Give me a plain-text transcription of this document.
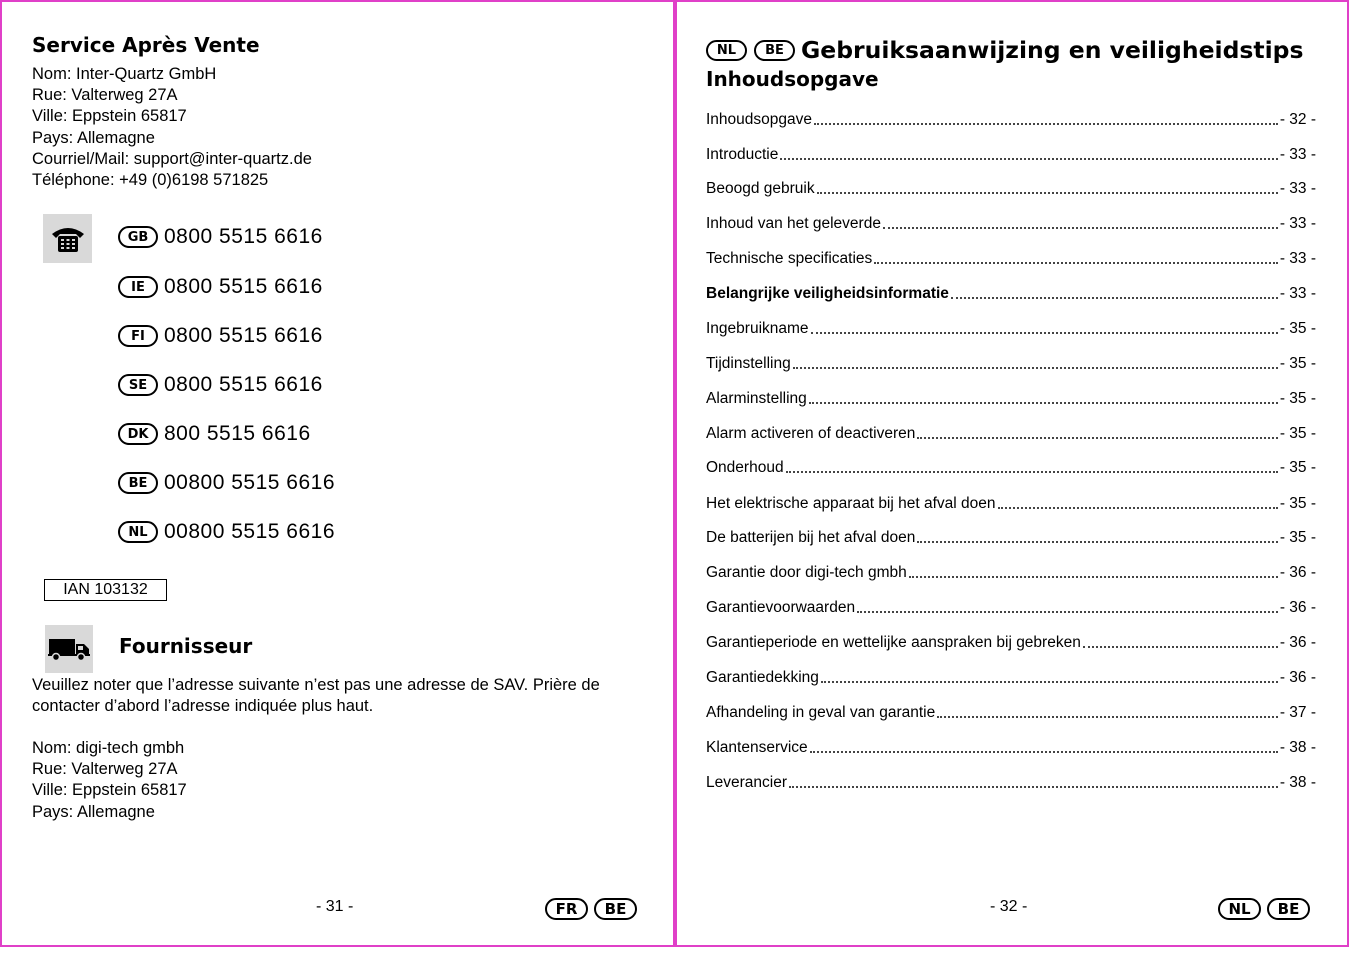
Service Après Vente
Nom: Inter-Quartz GmbH
Rue: Valterweg 27A
Ville: Eppstein 65817
Pays: Allemagne
Courriel/Mail: support@inter-quartz.de
Téléphone: +49 (0)6198 571825
GB 0800 5515 6616
IE 0800 5515 6616
FI 0800 5515 6616
SE 0800 5515 6616
DK 800 5515 6616
BE 00800 5515 6616
NL 00800 5515 6616
IAN 103132
Fournisseur
Veuillez noter que l’adresse suivante n’est pas une adresse de SAV. Prière de contacter d’abord l’adresse indiquée plus haut.
Nom: digi-tech gmbh
Rue: Valterweg 27A
Ville: Eppstein 65817
Pays: Allemagne
- 31 -	FR	BE
NL	BE Gebruiksaanwijzing en veiligheidstips
Inhoudsopgave
Inhoudsopgave	- 32 -
Introductie	- 33 -
Beoogd gebruik	- 33 -
Inhoud van het geleverde	- 33 -
Technische specificaties	- 33 -
Belangrijke veiligheidsinformatie	- 33 -
Ingebruikname	- 35 -
Tijdinstelling	- 35 -
Alarminstelling	- 35 -
Alarm activeren of deactiveren	- 35 -
Onderhoud	- 35 -
Het elektrische apparaat bij het afval doen	- 35 -
De batterijen bij het afval doen	- 35 -
Garantie door digi-tech gmbh	- 36 -
Garantievoorwaarden	- 36 -
Garantieperiode en wettelijke aanspraken bij gebreken	- 36 -
Garantiedekking	- 36 -
Afhandeling in geval van garantie	- 37 -
Klantenservice	- 38 -
Leverancier	- 38 -
- 32 -	NL	BE
